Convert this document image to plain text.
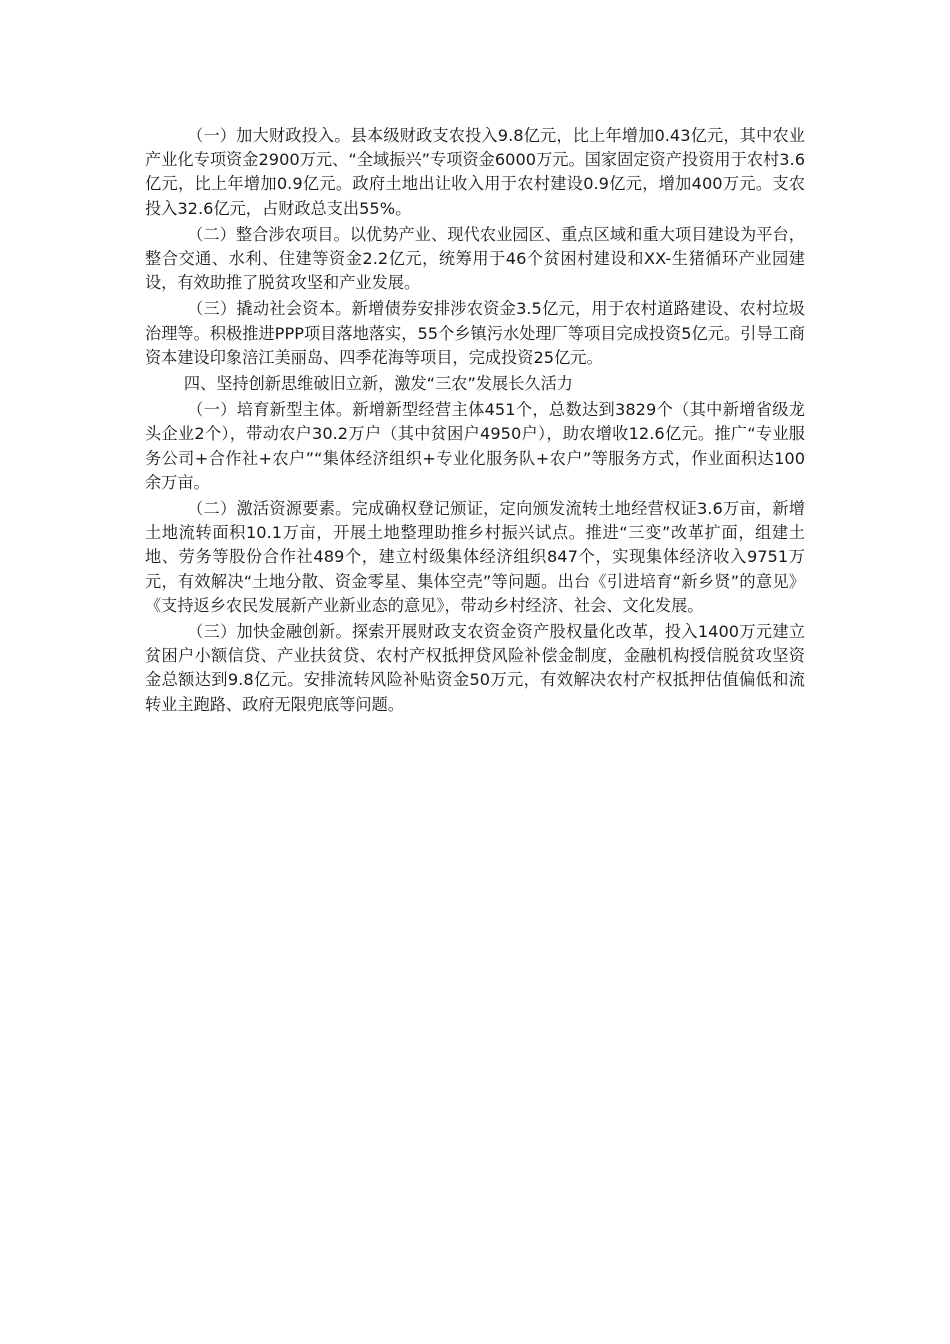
（一）加大财政投入。县本级财政支农投入9.8亿元，比上年增加0.43亿元，其中农业产业化专项资金2900万元、“全域振兴”专项资金6000万元。国家固定资产投资用于农村3.6亿元，比上年增加0.9亿元。政府土地出让收入用于农村建设0.9亿元，增加400万元。支农投入32.6亿元，占财政总支出55%。

（二）整合涉农项目。以优势产业、现代农业园区、重点区域和重大项目建设为平台，整合交通、水利、住建等资金2.2亿元，统筹用于46个贫困村建设和XX-生猪循环产业园建设，有效助推了脱贫攻坚和产业发展。

（三）撬动社会资本。新增债券安排涉农资金3.5亿元，用于农村道路建设、农村垃圾治理等。积极推进PPP项目落地落实，55个乡镇污水处理厂等项目完成投资5亿元。引导工商资本建设印象涪江美丽岛、四季花海等项目，完成投资25亿元。

四、坚持创新思维破旧立新，激发“三农”发展长久活力

（一）培育新型主体。新增新型经营主体451个，总数达到3829个（其中新增省级龙头企业2个），带动农户30.2万户（其中贫困户4950户），助农增收12.6亿元。推广“专业服务公司+合作社+农户”“集体经济组织+专业化服务队+农户”等服务方式，作业面积达100余万亩。

（二）激活资源要素。完成确权登记颁证，定向颁发流转土地经营权证3.6万亩，新增土地流转面积10.1万亩，开展土地整理助推乡村振兴试点。推进“三变”改革扩面，组建土地、劳务等股份合作社489个，建立村级集体经济组织847个，实现集体经济收入9751万元，有效解决“土地分散、资金零星、集体空壳”等问题。出台《引进培育“新乡贤”的意见》《支持返乡农民发展新产业新业态的意见》，带动乡村经济、社会、文化发展。

（三）加快金融创新。探索开展财政支农资金资产股权量化改革，投入1400万元建立贫困户小额信贷、产业扶贫贷、农村产权抵押贷风险补偿金制度，金融机构授信脱贫攻坚资金总额达到9.8亿元。安排流转风险补贴资金50万元，有效解决农村产权抵押估值偏低和流转业主跑路、政府无限兜底等问题。
